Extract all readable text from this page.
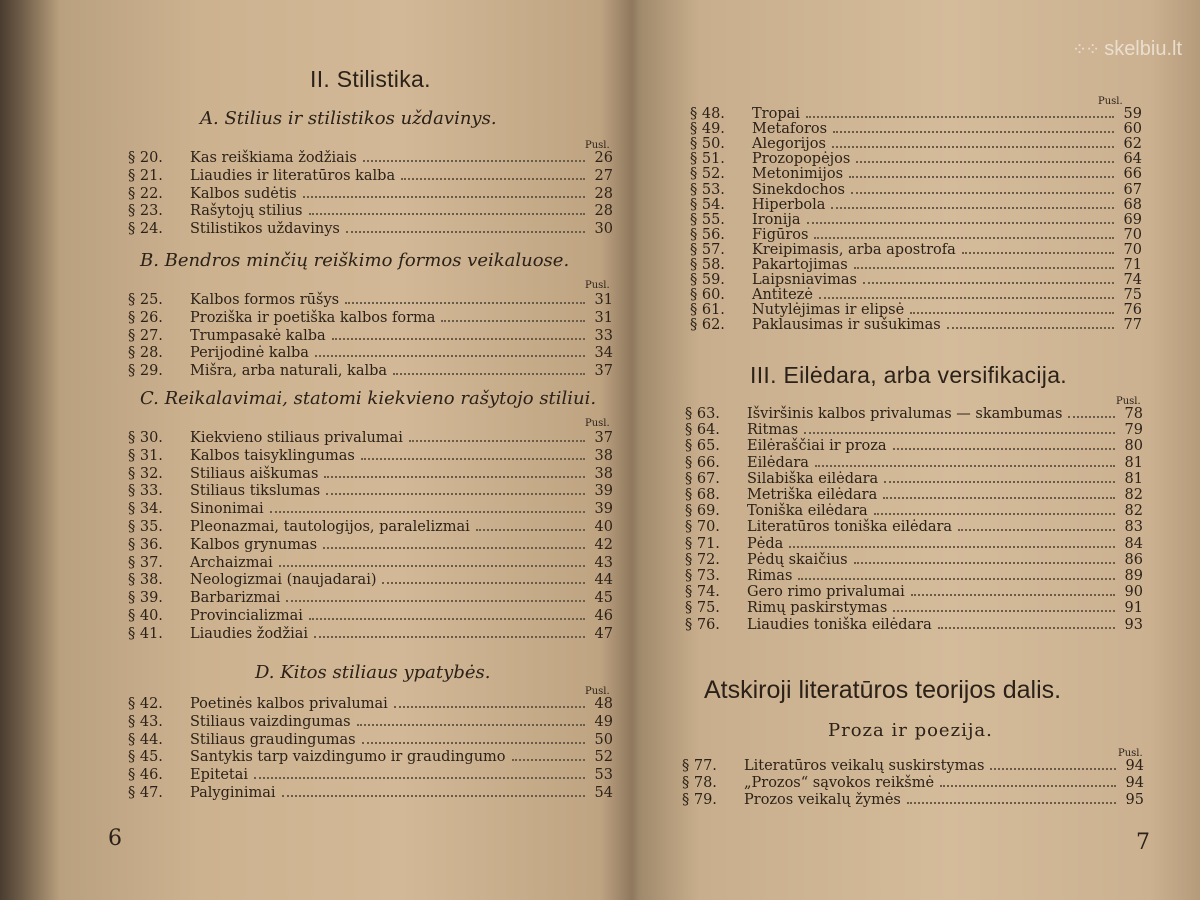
⁘⁘ skelbiu.lt
II. Stilistika.
A. Stilius ir stilistikos uždavinys.
Pusl.
§ 20.	Kas reiškiama žodžiais	26
§ 21.	Liaudies ir literatūros kalba	27
§ 22.	Kalbos sudėtis	28
§ 23.	Rašytojų stilius	28
§ 24.	Stilistikos uždavinys	30
B. Bendros minčių reiškimo formos veikaluose.
Pusl.
§ 25.	Kalbos formos rūšys	31
§ 26.	Proziška ir poetiška kalbos forma	31
§ 27.	Trumpasakė kalba	33
§ 28.	Perijodinė kalba	34
§ 29.	Mišra, arba naturali, kalba	37
C. Reikalavimai, statomi kiekvieno rašytojo stiliui.
Pusl.
§ 30.	Kiekvieno stiliaus privalumai	37
§ 31.	Kalbos taisyklingumas	38
§ 32.	Stiliaus aiškumas	38
§ 33.	Stiliaus tikslumas	39
§ 34.	Sinonimai	39
§ 35.	Pleonazmai, tautologijos, paralelizmai	40
§ 36.	Kalbos grynumas	42
§ 37.	Archaizmai	43
§ 38.	Neologizmai (naujadarai)	44
§ 39.	Barbarizmai	45
§ 40.	Provincializmai	46
§ 41.	Liaudies žodžiai	47
D. Kitos stiliaus ypatybės.
Pusl.
§ 42.	Poetinės kalbos privalumai	48
§ 43.	Stiliaus vaizdingumas	49
§ 44.	Stiliaus graudingumas	50
§ 45.	Santykis tarp vaizdingumo ir graudingumo	52
§ 46.	Epitetai	53
§ 47.	Palyginimai	54
6
Pusl.
§ 48.	Tropai	59
§ 49.	Metaforos	60
§ 50.	Alegorijos	62
§ 51.	Prozopopėjos	64
§ 52.	Metonimijos	66
§ 53.	Sinekdochos	67
§ 54.	Hiperbola	68
§ 55.	Ironija	69
§ 56.	Figūros	70
§ 57.	Kreipimasis, arba apostrofa	70
§ 58.	Pakartojimas	71
§ 59.	Laipsniavimas	74
§ 60.	Antitezė	75
§ 61.	Nutylėjimas ir elipsė	76
§ 62.	Paklausimas ir sušukimas	77
III. Eilėdara, arba versifikacija.
Pusl.
§ 63.	Išviršinis kalbos privalumas — skambumas	78
§ 64.	Ritmas	79
§ 65.	Eilėraščiai ir proza	80
§ 66.	Eilėdara	81
§ 67.	Silabiška eilėdara	81
§ 68.	Metriška eilėdara	82
§ 69.	Toniška eilėdara	82
§ 70.	Literatūros toniška eilėdara	83
§ 71.	Pėda	84
§ 72.	Pėdų skaičius	86
§ 73.	Rimas	89
§ 74.	Gero rimo privalumai	90
§ 75.	Rimų paskirstymas	91
§ 76.	Liaudies toniška eilėdara	93
Atskiroji literatūros teorijos dalis.
Proza ir poezija.
Pusl.
§ 77.	Literatūros veikalų suskirstymas	94
§ 78.	„Prozos“ sąvokos reikšmė	94
§ 79.	Prozos veikalų žymės	95
7
